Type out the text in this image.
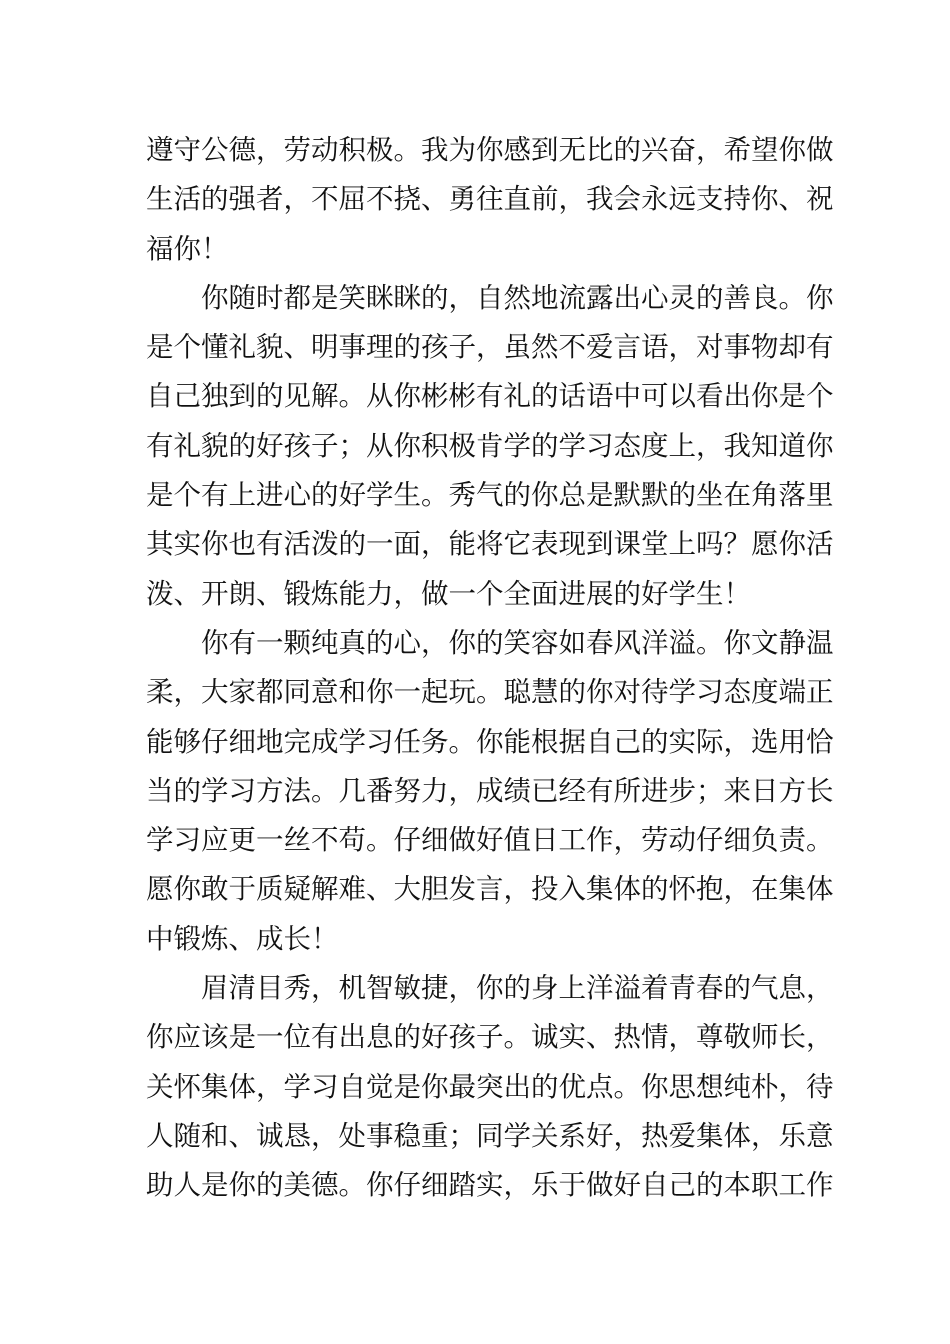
遵守公德，劳动积极。我为你感到无比的兴奋，希望你做
生活的强者，不屈不挠、勇往直前，我会永远支持你、祝
福你！
你随时都是笑眯眯的，自然地流露出心灵的善良。你
是个懂礼貌、明事理的孩子，虽然不爱言语，对事物却有
自己独到的见解。从你彬彬有礼的话语中可以看出你是个
有礼貌的好孩子；从你积极肯学的学习态度上，我知道你
是个有上进心的好学生。秀气的你总是默默的坐在角落里
其实你也有活泼的一面，能将它表现到课堂上吗？愿你活
泼、开朗、锻炼能力，做一个全面进展的好学生！
你有一颗纯真的心，你的笑容如春风洋溢。你文静温
柔，大家都同意和你一起玩。聪慧的你对待学习态度端正
能够仔细地完成学习任务。你能根据自己的实际，选用恰
当的学习方法。几番努力，成绩已经有所进步；来日方长
学习应更一丝不苟。仔细做好值日工作，劳动仔细负责。
愿你敢于质疑解难、大胆发言，投入集体的怀抱，在集体
中锻炼、成长！
眉清目秀，机智敏捷，你的身上洋溢着青春的气息，
你应该是一位有出息的好孩子。诚实、热情，尊敬师长，
关怀集体，学习自觉是你最突出的优点。你思想纯朴，待
人随和、诚恳，处事稳重；同学关系好，热爱集体，乐意
助人是你的美德。你仔细踏实，乐于做好自己的本职工作
